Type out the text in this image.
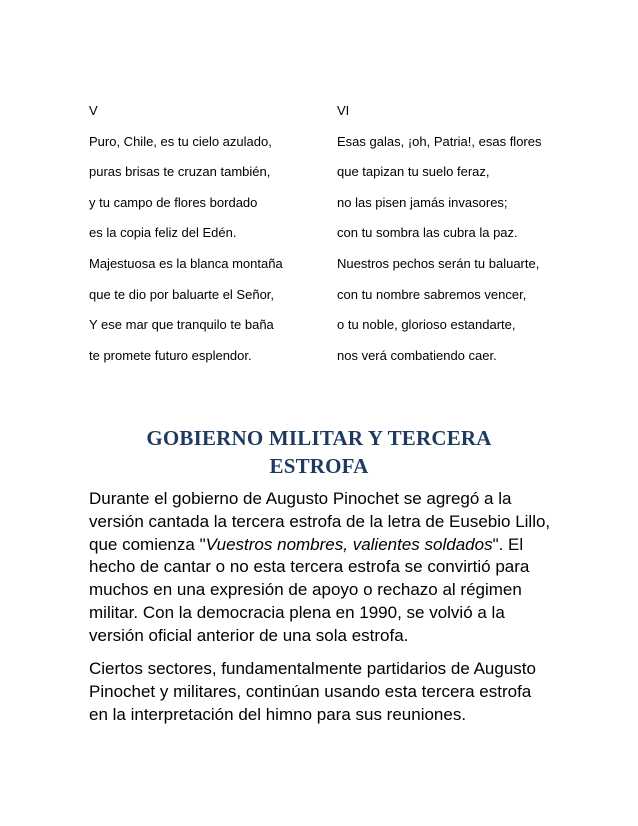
V
Puro, Chile, es tu cielo azulado,
puras brisas te cruzan también,
y tu campo de flores bordado
es la copia feliz del Edén.
Majestuosa es la blanca montaña
que te dio por baluarte el Señor,
Y ese mar que tranquilo te baña
te promete futuro esplendor.
VI
Esas galas, ¡oh, Patria!, esas flores
que tapizan tu suelo feraz,
no las pisen jamás invasores;
con tu sombra las cubra la paz.
Nuestros pechos serán tu baluarte,
con tu nombre sabremos vencer,
o tu noble, glorioso estandarte,
nos verá combatiendo caer.
GOBIERNO MILITAR Y TERCERA
ESTROFA

Durante el gobierno de Augusto Pinochet se agregó a la
versión cantada la tercera estrofa de la letra de Eusebio Lillo,
que comienza "Vuestros nombres, valientes soldados". El
hecho de cantar o no esta tercera estrofa se convirtió para
muchos en una expresión de apoyo o rechazo al régimen
militar. Con la democracia plena en 1990, se volvió a la
versión oficial anterior de una sola estrofa.

Ciertos sectores, fundamentalmente partidarios de Augusto
Pinochet y militares, continúan usando esta tercera estrofa
en la interpretación del himno para sus reuniones.
